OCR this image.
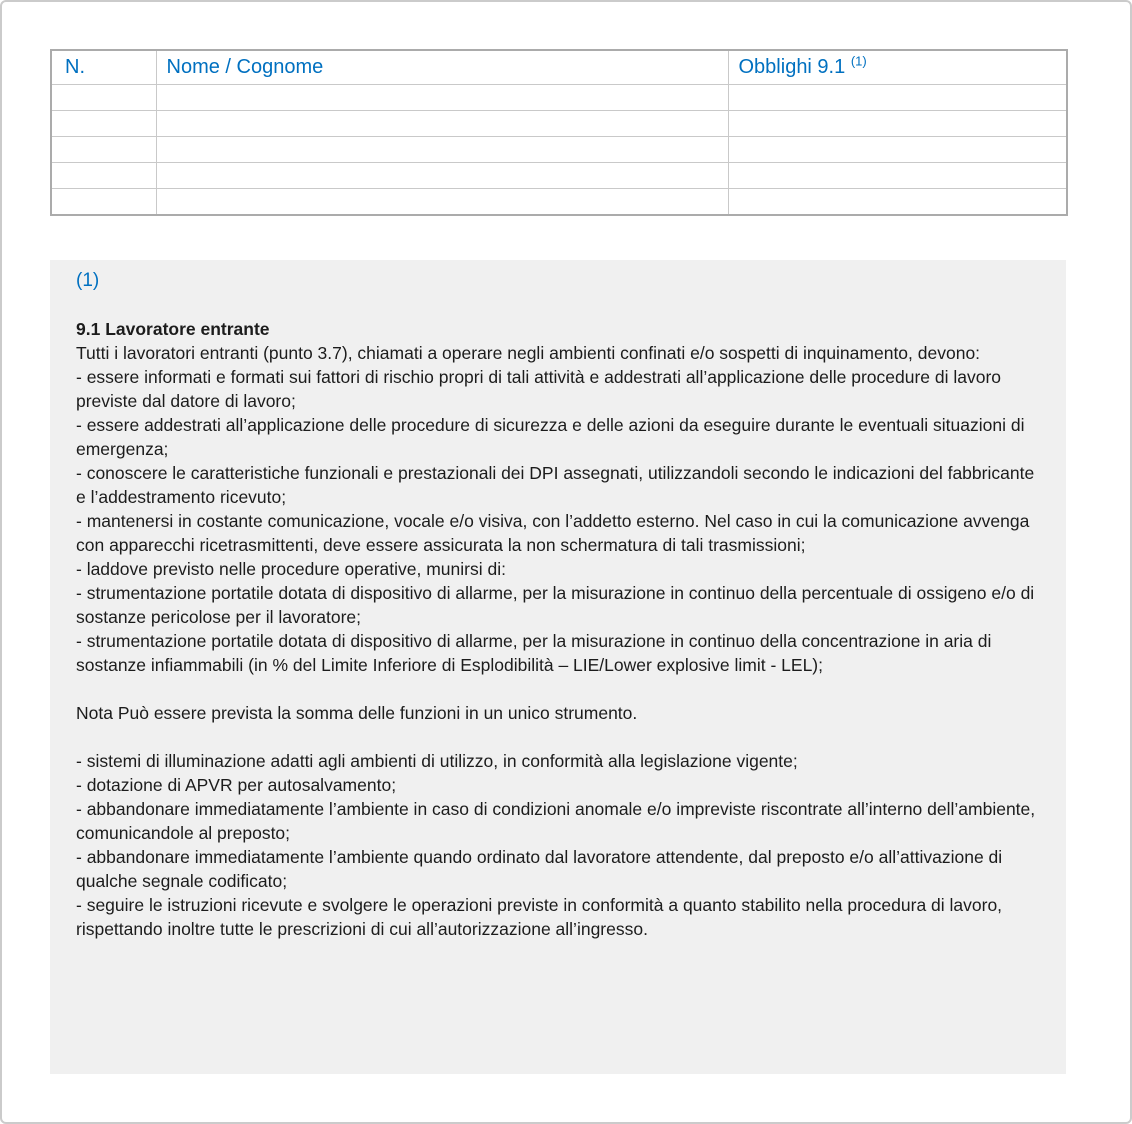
N.	Nome / Cognome	Obblighi 9.1 $^{(1)}$

(1)

9.1 Lavoratore entrante

Tutti i lavoratori entranti (punto 3.7), chiamati a operare negli ambienti confinati e/o sospetti di inquinamento, devono:

- essere informati e formati sui fattori di rischio propri di tali attività e addestrati all’applicazione delle procedure di lavoro previste dal datore di lavoro;

- essere addestrati all’applicazione delle procedure di sicurezza e delle azioni da eseguire durante le eventuali situazioni di emergenza;

- conoscere le caratteristiche funzionali e prestazionali dei DPI assegnati, utilizzandoli secondo le indicazioni del fabbricante e l’addestramento ricevuto;

- mantenersi in costante comunicazione, vocale e/o visiva, con l’addetto esterno. Nel caso in cui la comunicazione avvenga con apparecchi ricetrasmittenti, deve essere assicurata la non schermatura di tali trasmissioni;

- laddove previsto nelle procedure operative, munirsi di:

- strumentazione portatile dotata di dispositivo di allarme, per la misurazione in continuo della percentuale di ossigeno e/o di sostanze pericolose per il lavoratore;

- strumentazione portatile dotata di dispositivo di allarme, per la misurazione in continuo della concentrazione in aria di sostanze infiammabili (in % del Limite Inferiore di Esplodibilità – LIE/Lower explosive limit - LEL);

Nota Può essere prevista la somma delle funzioni in un unico strumento.

- sistemi di illuminazione adatti agli ambienti di utilizzo, in conformità alla legislazione vigente;

- dotazione di APVR per autosalvamento;

- abbandonare immediatamente l’ambiente in caso di condizioni anomale e/o impreviste riscontrate all’interno dell’ambiente, comunicandole al preposto;

- abbandonare immediatamente l’ambiente quando ordinato dal lavoratore attendente, dal preposto e/o all’attivazione di qualche segnale codificato;

- seguire le istruzioni ricevute e svolgere le operazioni previste in conformità a quanto stabilito nella procedura di lavoro, rispettando inoltre tutte le prescrizioni di cui all’autorizzazione all’ingresso.
